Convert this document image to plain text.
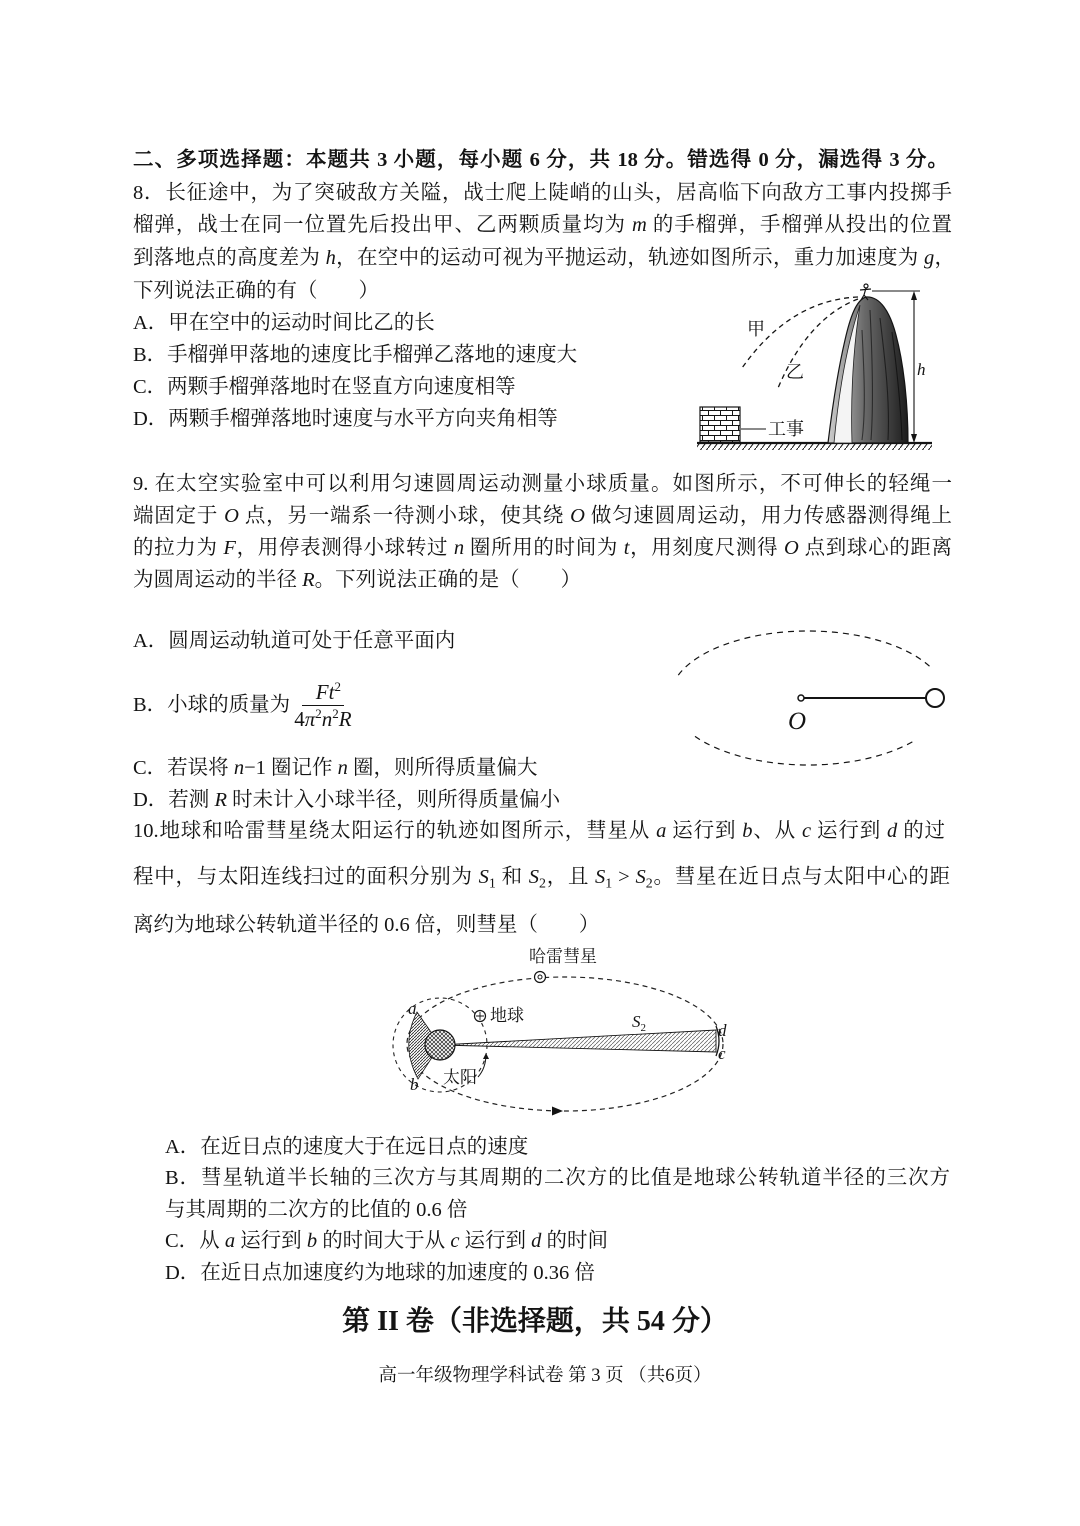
二、多项选择题：本题共 3 小题，每小题 6 分，共 18 分。错选得 0 分，漏选得 3 分。
8．长征途中，为了突破敌方关隘，战士爬上陡峭的山头，居高临下向敌方工事内投掷手
榴弹，战士在同一位置先后投出甲、乙两颗质量均为 m 的手榴弹，手榴弹从投出的位置
到落地点的高度差为 h，在空中的运动可视为平抛运动，轨迹如图所示，重力加速度为 g，
下列说法正确的有（　　）
A．甲在空中的运动时间比乙的长
B．手榴弹甲落地的速度比手榴弹乙落地的速度大
C．两颗手榴弹落地时在竖直方向速度相等
D．两颗手榴弹落地时速度与水平方向夹角相等	工事
h
甲
乙
9. 在太空实验室中可以利用匀速圆周运动测量小球质量。如图所示，不可伸长的轻绳一
端固定于 O 点，另一端系一待测小球，使其绕 O 做匀速圆周运动，用力传感器测得绳上
的拉力为 F，用停表测得小球转过 n 圈所用的时间为 t，用刻度尺测得 O 点到球心的距离
为圆周运动的半径 R。下列说法正确的是（　　）
A．圆周运动轨道可处于任意平面内
B．小球的质量为 $\frac{Ft^2}{4\pi^2n^2R}$
C．若误将 n−1 圈记作 n 圈，则所得质量偏大
D．若测 R 时未计入小球半径，则所得质量偏小
O
10.地球和哈雷彗星绕太阳运行的轨迹如图所示，彗星从 a 运行到 b、从 c 运行到 d 的过
程中，与太阳连线扫过的面积分别为 $S_1$ 和 $S_2$，且 $S_1 > S_2$。彗星在近日点与太阳中心的距
离约为地球公转轨道半径的 0.6 倍，则彗星（　　）
哈雷彗星
地球
太阳
a
b
d
c
$S_2$
A．在近日点的速度大于在远日点的速度
B．彗星轨道半长轴的三次方与其周期的二次方的比值是地球公转轨道半径的三次方
与其周期的二次方的比值的 0.6 倍
C．从 a 运行到 b 的时间大于从 c 运行到 d 的时间
D．在近日点加速度约为地球的加速度的 0.36 倍
第 II 卷（非选择题，共 54 分）
高一年级物理学科试卷 第 3 页 （共6页）
